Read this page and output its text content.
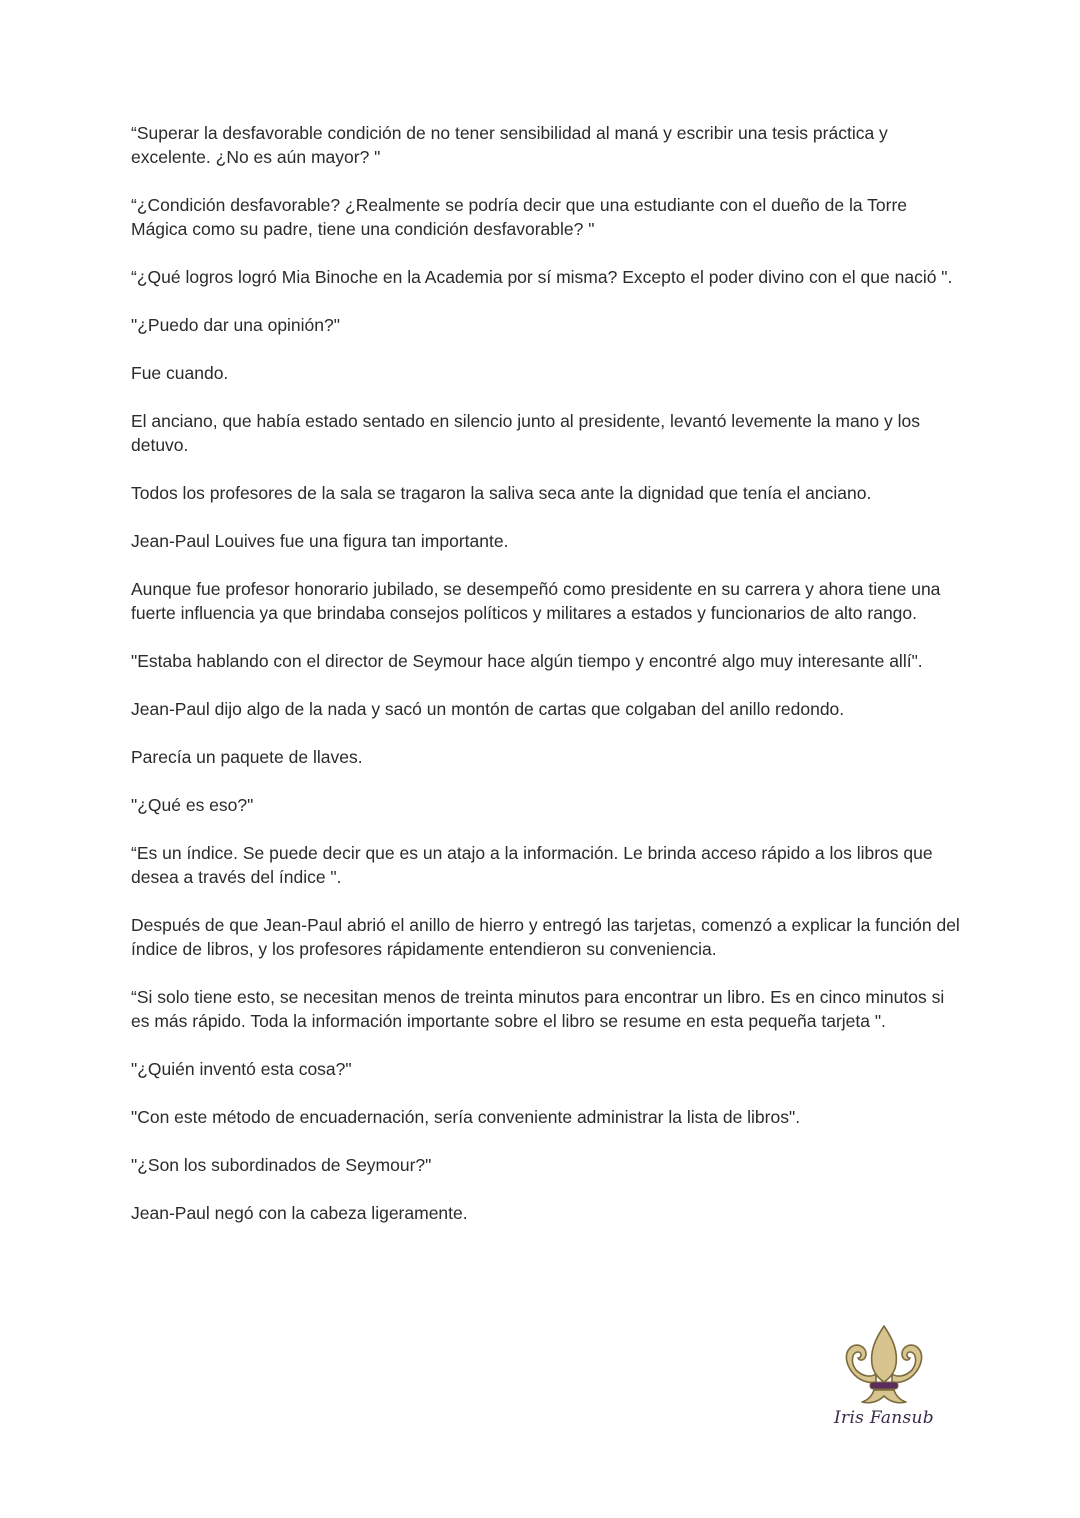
“Superar la desfavorable condición de no tener sensibilidad al maná y escribir una tesis práctica y excelente. ¿No es aún mayor? "

“¿Condición desfavorable? ¿Realmente se podría decir que una estudiante con el dueño de la Torre Mágica como su padre, tiene una condición desfavorable? "

“¿Qué logros logró Mia Binoche en la Academia por sí misma? Excepto el poder divino con el que nació ".

"¿Puedo dar una opinión?"

Fue cuando.

El anciano, que había estado sentado en silencio junto al presidente, levantó levemente la mano y los detuvo.

Todos los profesores de la sala se tragaron la saliva seca ante la dignidad que tenía el anciano.

Jean-Paul Louives fue una figura tan importante.

Aunque fue profesor honorario jubilado, se desempeñó como presidente en su carrera y ahora tiene una fuerte influencia ya que brindaba consejos políticos y militares a estados y funcionarios de alto rango.

"Estaba hablando con el director de Seymour hace algún tiempo y encontré algo muy interesante allí".

Jean-Paul dijo algo de la nada y sacó un montón de cartas que colgaban del anillo redondo.

Parecía un paquete de llaves.

"¿Qué es eso?"

“Es un índice. Se puede decir que es un atajo a la información. Le brinda acceso rápido a los libros que desea a través del índice ".

Después de que Jean-Paul abrió el anillo de hierro y entregó las tarjetas, comenzó a explicar la función del índice de libros, y los profesores rápidamente entendieron su conveniencia.

“Si solo tiene esto, se necesitan menos de treinta minutos para encontrar un libro. Es en cinco minutos si es más rápido. Toda la información importante sobre el libro se resume en esta pequeña tarjeta ".

"¿Quién inventó esta cosa?"

"Con este método de encuadernación, sería conveniente administrar la lista de libros".

"¿Son los subordinados de Seymour?"

Jean-Paul negó con la cabeza ligeramente.

Iris Fansub
